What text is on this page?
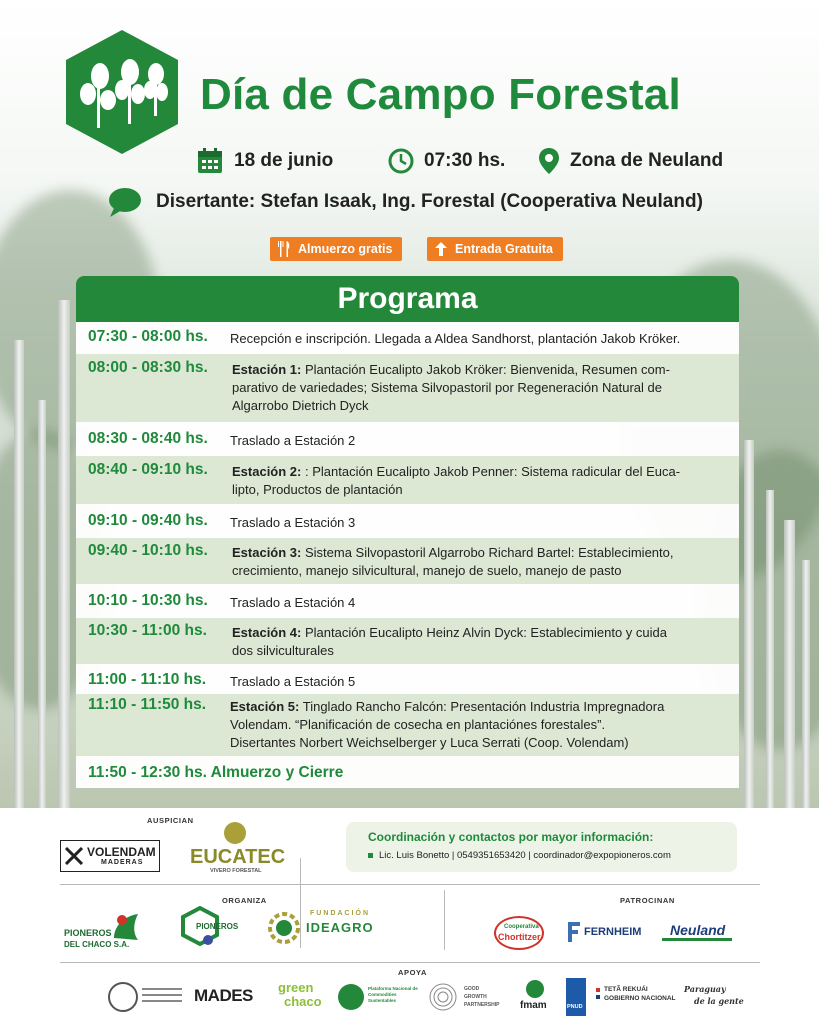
Día de Campo Forestal
18 de junio	07:30 hs.	Zona de Neuland
Disertante: Stefan Isaak, Ing. Forestal (Cooperativa Neuland)
Almuerzo gratis	Entrada Gratuita
Programa
07:30 - 08:00 hs. Recepción e inscripción. Llegada a Aldea Sandhorst, plantación Jakob Kröker.
08:00 - 08:30 hs. Estación 1: Plantación Eucalipto Jakob Kröker: Bienvenida, Resumen com-
parativo de variedades; Sistema Silvopastoril por Regeneración Natural de
Algarrobo Dietrich Dyck
08:30 - 08:40 hs. Traslado a Estación 2
08:40 - 09:10 hs. Estación 2: : Plantación Eucalipto Jakob Penner: Sistema radicular del Euca-
lipto, Productos de plantación
09:10 - 09:40 hs. Traslado a Estación 3
09:40 - 10:10 hs. Estación 3: Sistema Silvopastoril Algarrobo Richard Bartel: Establecimiento,
crecimiento, manejo silvicultural, manejo de suelo, manejo de pasto
10:10 - 10:30 hs. Traslado a Estación 4
10:30 - 11:00 hs. Estación 4: Plantación Eucalipto Heinz Alvin Dyck: Establecimiento y cuida
dos silviculturales
11:00 - 11:10 hs. Traslado a Estación 5
11:10 - 11:50 hs. Estación 5: Tinglado Rancho Falcón: Presentación Industria Impregnadora
Volendam. “Planificación de cosecha en plantaciónes forestales”.
Disertantes Norbert Weichselberger y Luca Serrati (Coop. Volendam)
11:50 - 12:30 hs. Almuerzo y Cierre
AUSPICIAN
VOLENDAM
MADERAS EUCATEC
VIVERO FORESTAL
Coordinación y contactos por mayor información:
Lic. Luis Bonetto | 0549351653420 | coordinador@expopioneros.com
ORGANIZA	PATROCINAN
PIONEROS
DEL CHACO S.A.
PIONEROS
FUNDACIÓN
IDEAGRO	Cooperativa
Chortitzer	FERNHEIM Neuland
APOYA
MADES green
chaco
Plataforma Nacional de Commodities Sustentables
GOOD
GROWTH
PARTNERSHIP fmam	PNUD
TETÃ REKUÁI
GOBIERNO NACIONAL
Paraguay
de la gente
